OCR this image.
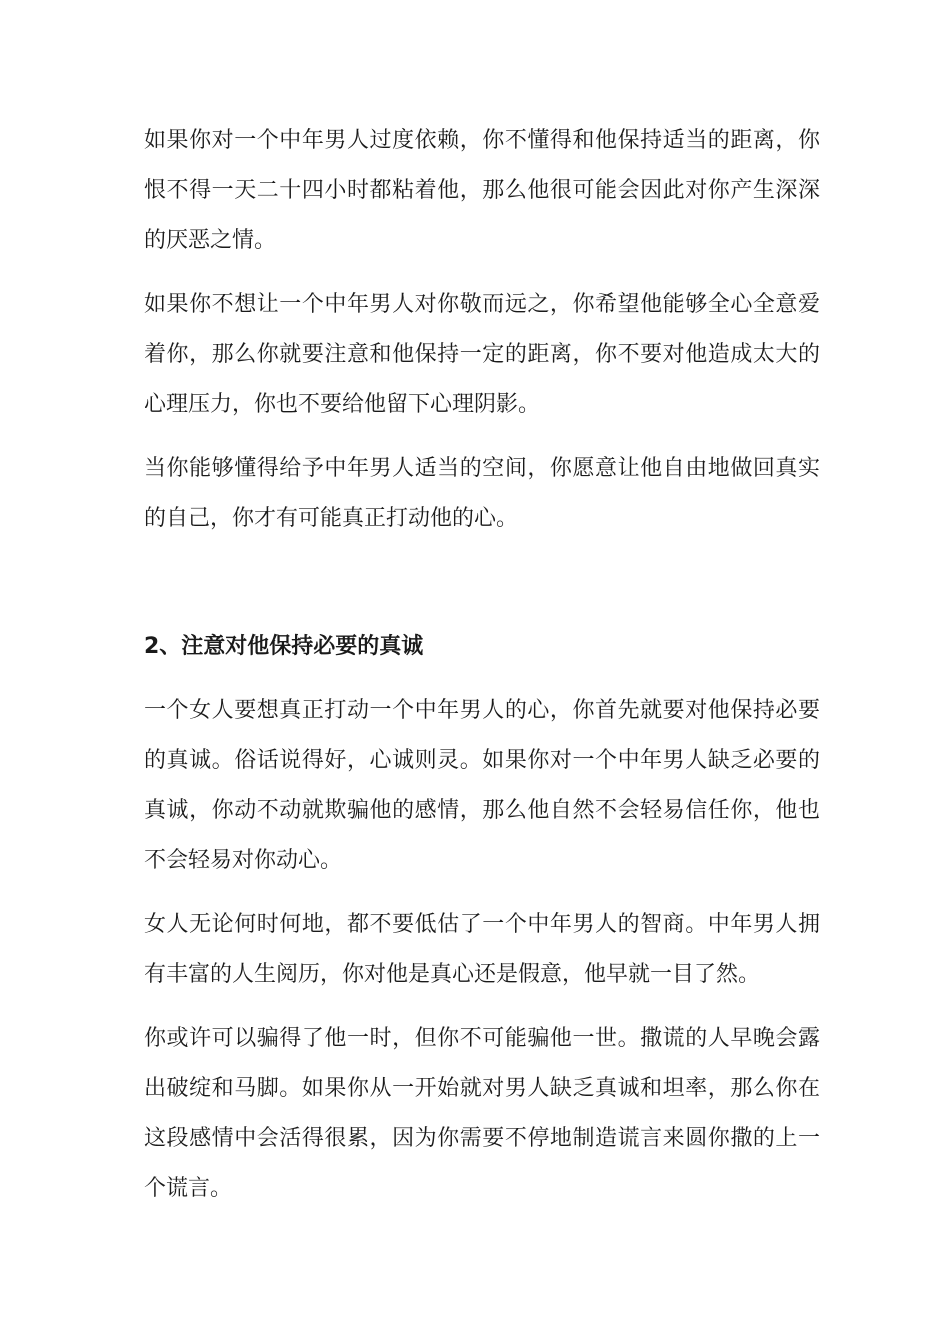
如果你对一个中年男人过度依赖，你不懂得和他保持适当的距离，你恨不得一天二十四小时都粘着他，那么他很可能会因此对你产生深深的厌恶之情。

如果你不想让一个中年男人对你敬而远之，你希望他能够全心全意爱着你，那么你就要注意和他保持一定的距离，你不要对他造成太大的心理压力，你也不要给他留下心理阴影。

当你能够懂得给予中年男人适当的空间，你愿意让他自由地做回真实的自己，你才有可能真正打动他的心。

2、注意对他保持必要的真诚

一个女人要想真正打动一个中年男人的心，你首先就要对他保持必要的真诚。俗话说得好，心诚则灵。如果你对一个中年男人缺乏必要的真诚，你动不动就欺骗他的感情，那么他自然不会轻易信任你，他也不会轻易对你动心。

女人无论何时何地，都不要低估了一个中年男人的智商。中年男人拥有丰富的人生阅历，你对他是真心还是假意，他早就一目了然。

你或许可以骗得了他一时，但你不可能骗他一世。撒谎的人早晚会露出破绽和马脚。如果你从一开始就对男人缺乏真诚和坦率，那么你在这段感情中会活得很累，因为你需要不停地制造谎言来圆你撒的上一个谎言。
